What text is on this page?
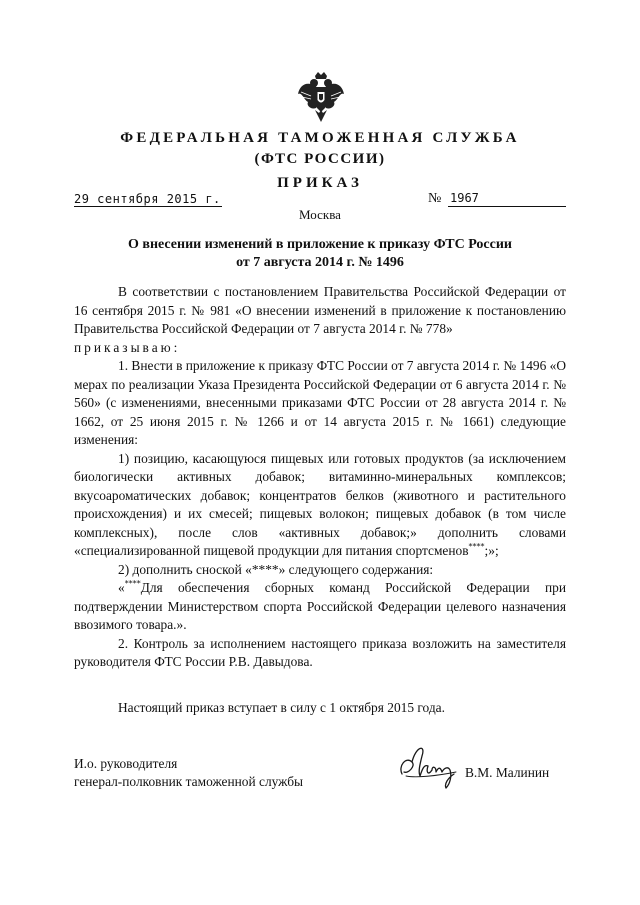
ФЕДЕРАЛЬНАЯ ТАМОЖЕННАЯ СЛУЖБА
(ФТС РОССИИ)
ПРИКАЗ
29 сентября 2015 г.	№ 1967
Москва
О внесении изменений в приложение к приказу ФТС России
от 7 августа 2014 г. № 1496

В соответствии с постановлением Правительства Российской Федерации от 16 сентября 2015 г. № 981 «О внесении изменений в приложение к постановлению Правительства Российской Федерации от 7 августа 2014 г. № 778»

приказываю:

1. Внести в приложение к приказу ФТС России от 7 августа 2014 г. № 1496 «О мерах по реализации Указа Президента Российской Федерации от 6 августа 2014 г. № 560» (с изменениями, внесенными приказами ФТС России от 28 августа 2014 г. № 1662, от 25 июня 2015 г. № 1266 и от 14 августа 2015 г. № 1661) следующие изменения:

1) позицию, касающуюся пищевых или готовых продуктов (за исключением биологически активных добавок; витаминно-минеральных комплексов; вкусоароматических добавок; концентратов белков (животного и растительного происхождения) и их смесей; пищевых волокон; пищевых добавок (в том числе комплексных), после слов «активных добавок;» дополнить словами «специализированной пищевой продукции для питания спортсменов****;»;

2) дополнить сноской «****» следующего содержания:

«****Для обеспечения сборных команд Российской Федерации при подтверждении Министерством спорта Российской Федерации целевого назначения ввозимого товара.».

2. Контроль за исполнением настоящего приказа возложить на заместителя руководителя ФТС России Р.В. Давыдова.

Настоящий приказ вступает в силу с 1 октября 2015 года.

И.о. руководителя
генерал-полковник таможенной службы
В.М. Малинин
